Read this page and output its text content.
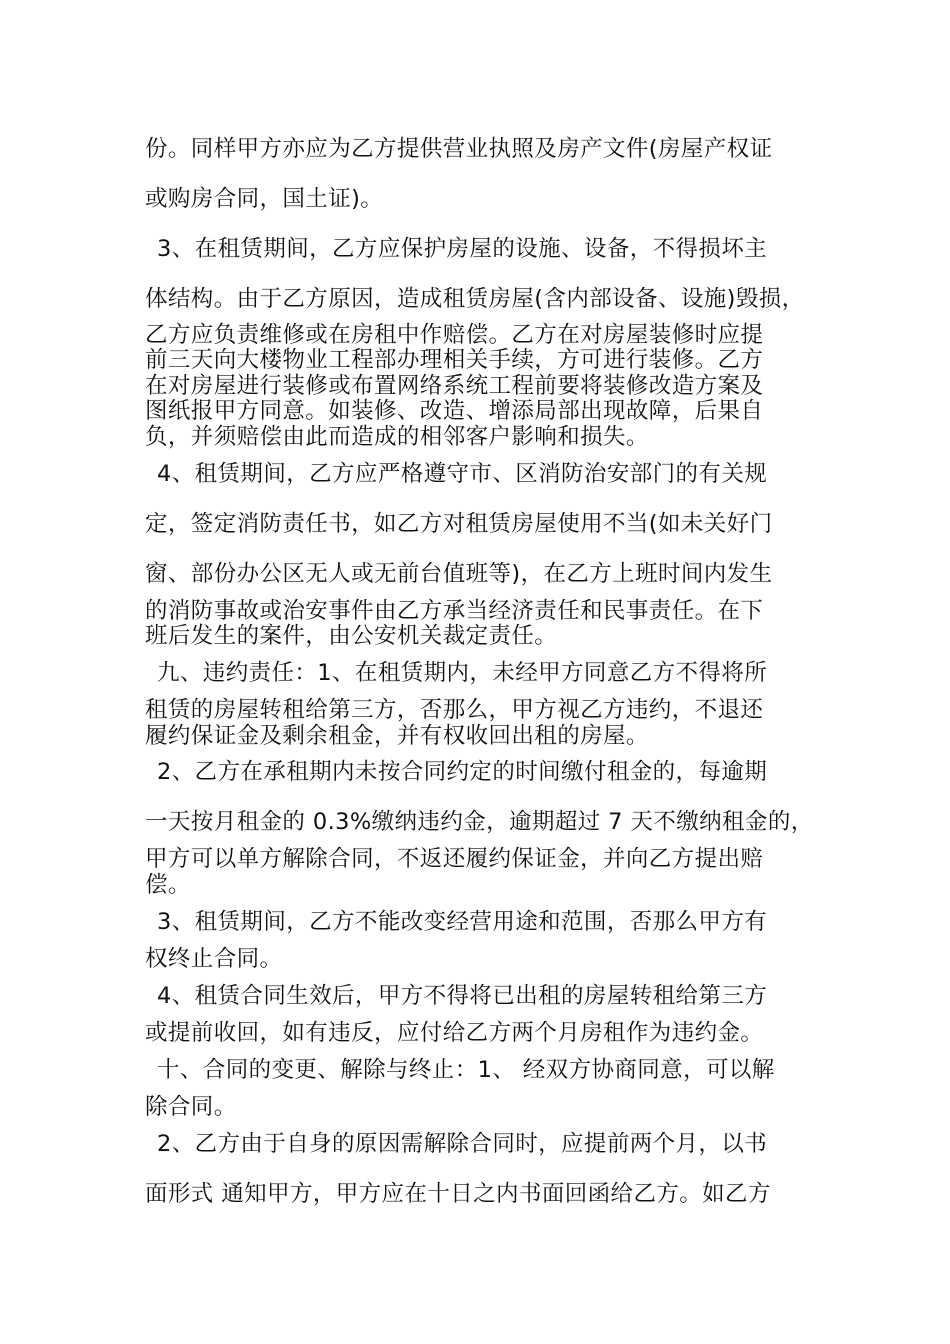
份。同样甲方亦应为乙方提供营业执照及房产文件(房屋产权证
或购房合同，国土证)。
3、在租赁期间，乙方应保护房屋的设施、设备，不得损坏主
体结构。由于乙方原因，造成租赁房屋(含内部设备、设施)毁损，
乙方应负责维修或在房租中作赔偿。乙方在对房屋装修时应提
前三天向大楼物业工程部办理相关手续，方可进行装修。乙方
在对房屋进行装修或布置网络系统工程前要将装修改造方案及
图纸报甲方同意。如装修、改造、增添局部出现故障，后果自
负，并须赔偿由此而造成的相邻客户影响和损失。
4、租赁期间，乙方应严格遵守市、区消防治安部门的有关规
定，签定消防责任书，如乙方对租赁房屋使用不当(如未关好门
窗、部份办公区无人或无前台值班等)，在乙方上班时间内发生
的消防事故或治安事件由乙方承当经济责任和民事责任。在下
班后发生的案件，由公安机关裁定责任。
九、违约责任：1、在租赁期内，未经甲方同意乙方不得将所
租赁的房屋转租给第三方，否那么，甲方视乙方违约，不退还
履约保证金及剩余租金，并有权收回出租的房屋。
2、乙方在承租期内未按合同约定的时间缴付租金的，每逾期
一天按月租金的 0.3%缴纳违约金，逾期超过 7 天不缴纳租金的，
甲方可以单方解除合同，不返还履约保证金，并向乙方提出赔
偿。
3、租赁期间，乙方不能改变经营用途和范围，否那么甲方有
权终止合同。
4、租赁合同生效后，甲方不得将已出租的房屋转租给第三方
或提前收回，如有违反，应付给乙方两个月房租作为违约金。
十、合同的变更、解除与终止：1、 经双方协商同意，可以解
除合同。
2、乙方由于自身的原因需解除合同时，应提前两个月，以书
面形式 通知甲方，甲方应在十日之内书面回函给乙方。如乙方
